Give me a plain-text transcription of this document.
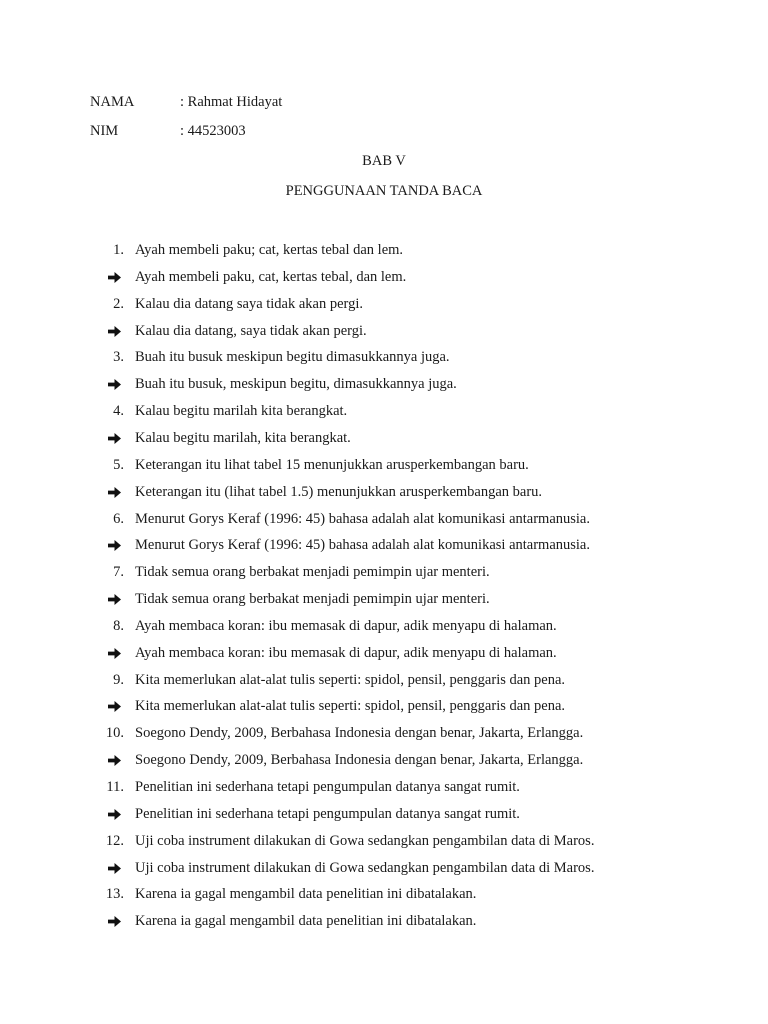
NAMA	: Rahmat Hidayat
NIM	: 44523003
BAB V
PENGGUNAAN TANDA BACA
1. Ayah membeli paku; cat, kertas tebal dan lem.
Ayah membeli paku, cat, kertas tebal, dan lem.
2. Kalau dia datang saya tidak akan pergi.
Kalau dia datang, saya tidak akan pergi.
3. Buah itu busuk meskipun begitu dimasukkannya juga.
Buah itu busuk, meskipun begitu, dimasukkannya juga.
4. Kalau begitu marilah kita berangkat.
Kalau begitu marilah, kita berangkat.
5. Keterangan itu lihat tabel 15 menunjukkan arusperkembangan baru.
Keterangan itu (lihat tabel 1.5) menunjukkan arusperkembangan baru.
6. Menurut Gorys Keraf (1996: 45) bahasa adalah alat komunikasi antarmanusia.
Menurut Gorys Keraf (1996: 45) bahasa adalah alat komunikasi antarmanusia.
7. Tidak semua orang berbakat menjadi pemimpin ujar menteri.
Tidak semua orang berbakat menjadi pemimpin ujar menteri.
8. Ayah membaca koran: ibu memasak di dapur, adik menyapu di halaman.
Ayah membaca koran: ibu memasak di dapur, adik menyapu di halaman.
9. Kita memerlukan alat-alat tulis seperti: spidol, pensil, penggaris dan pena.
Kita memerlukan alat-alat tulis seperti: spidol, pensil, penggaris dan pena.
10. Soegono Dendy, 2009, Berbahasa Indonesia dengan benar, Jakarta, Erlangga.
Soegono Dendy, 2009, Berbahasa Indonesia dengan benar, Jakarta, Erlangga.
11. Penelitian ini sederhana tetapi pengumpulan datanya sangat rumit.
Penelitian ini sederhana tetapi pengumpulan datanya sangat rumit.
12. Uji coba instrument dilakukan di Gowa sedangkan pengambilan data di Maros.
Uji coba instrument dilakukan di Gowa sedangkan pengambilan data di Maros.
13. Karena ia gagal mengambil data penelitian ini dibatalakan.
Karena ia gagal mengambil data penelitian ini dibatalakan.
